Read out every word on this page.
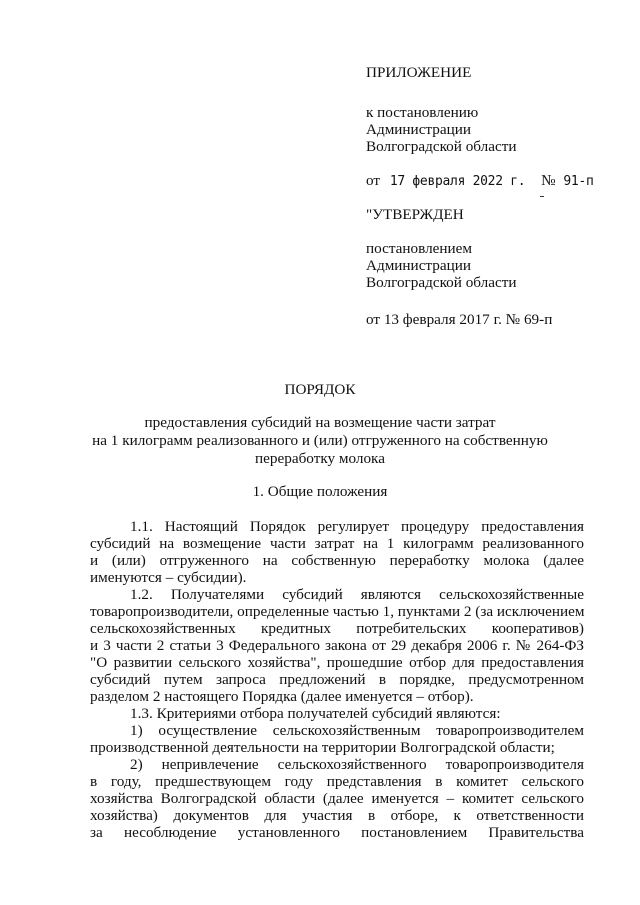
ПРИЛОЖЕНИЕ
к постановлению
Администрации
Волгоградской области
от 17 февраля 2022 г. № 91-п
"УТВЕРЖДЕН
постановлением
Администрации
Волгоградской области
от 13 февраля 2017 г. № 69-п
ПОРЯДОК
предоставления субсидий на возмещение части затрат
на 1 килограмм реализованного и (или) отгруженного на собственную
переработку молока
1. Общие положения
1.1. Настоящий Порядок регулирует процедуру предоставления
субсидий на возмещение части затрат на 1 килограмм реализованного
и (или) отгруженного на собственную переработку молока (далее
именуются – субсидии).
1.2. Получателями субсидий являются сельскохозяйственные
товаропроизводители, определенные частью 1, пунктами 2 (за исключением
сельскохозяйственных кредитных потребительских кооперативов)
и 3 части 2 статьи 3 Федерального закона от 29 декабря 2006 г. № 264-ФЗ
"О развитии сельского хозяйства", прошедшие отбор для предоставления
субсидий путем запроса предложений в порядке, предусмотренном
разделом 2 настоящего Порядка (далее именуется – отбор).
1.3. Критериями отбора получателей субсидий являются:
1) осуществление сельскохозяйственным товаропроизводителем
производственной деятельности на территории Волгоградской области;
2) непривлечение сельскохозяйственного товаропроизводителя
в году, предшествующем году представления в комитет сельского
хозяйства Волгоградской области (далее именуется – комитет сельского
хозяйства) документов для участия в отборе, к ответственности
за несоблюдение установленного постановлением Правительства
